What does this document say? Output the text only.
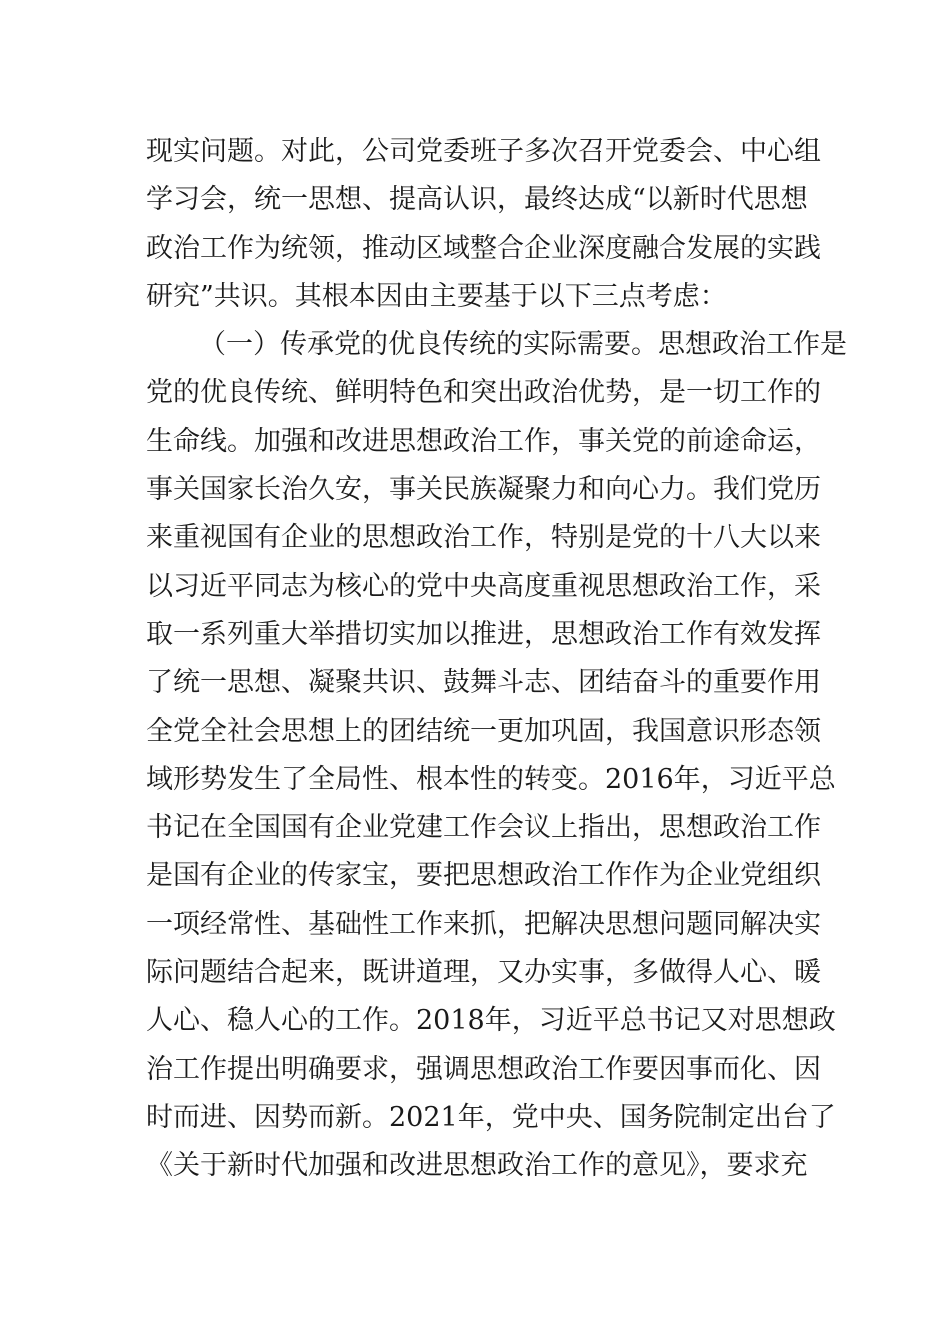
现实问题。对此，公司党委班子多次召开党委会、中心组
学习会，统一思想、提高认识，最终达成“以新时代思想
政治工作为统领，推动区域整合企业深度融合发展的实践
研究”共识。其根本因由主要基于以下三点考虑：
（一）传承党的优良传统的实际需要。思想政治工作是
党的优良传统、鲜明特色和突出政治优势，是一切工作的
生命线。加强和改进思想政治工作，事关党的前途命运，
事关国家长治久安，事关民族凝聚力和向心力。我们党历
来重视国有企业的思想政治工作，特别是党的十八大以来
以习近平同志为核心的党中央高度重视思想政治工作，采
取一系列重大举措切实加以推进，思想政治工作有效发挥
了统一思想、凝聚共识、鼓舞斗志、团结奋斗的重要作用
全党全社会思想上的团结统一更加巩固，我国意识形态领
域形势发生了全局性、根本性的转变。2016年，习近平总
书记在全国国有企业党建工作会议上指出，思想政治工作
是国有企业的传家宝，要把思想政治工作作为企业党组织
一项经常性、基础性工作来抓，把解决思想问题同解决实
际问题结合起来，既讲道理，又办实事，多做得人心、暖
人心、稳人心的工作。2018年，习近平总书记又对思想政
治工作提出明确要求，强调思想政治工作要因事而化、因
时而进、因势而新。2021年，党中央、国务院制定出台了
《关于新时代加强和改进思想政治工作的意见》，要求充
